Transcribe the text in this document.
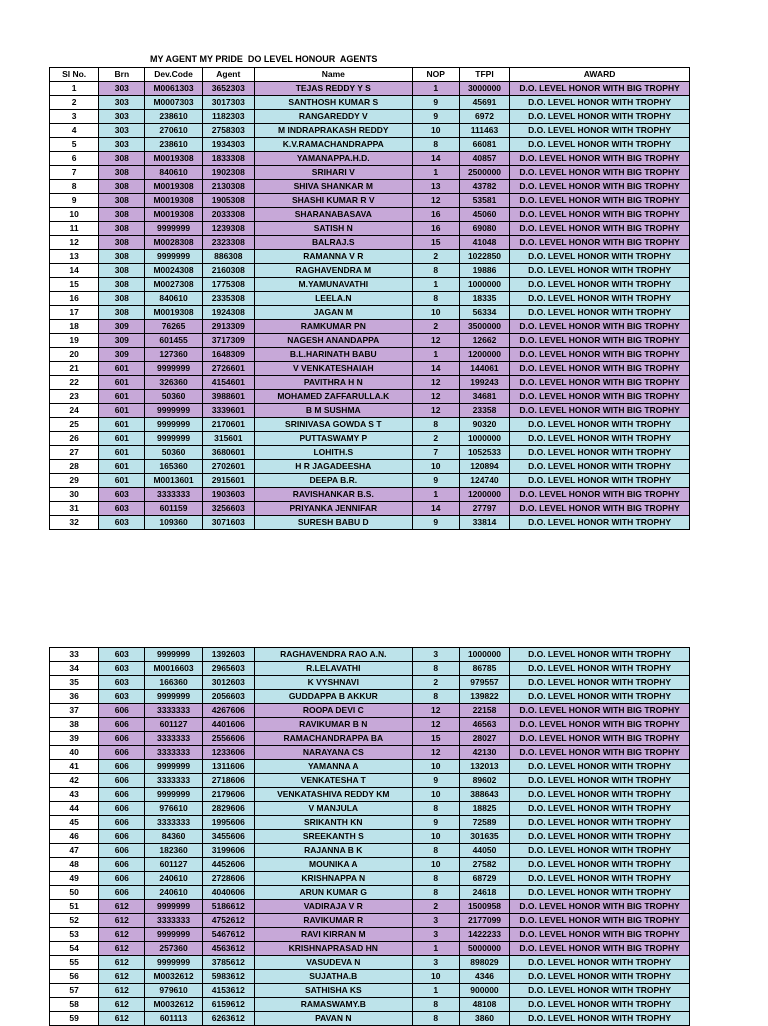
MY AGENT MY PRIDE  DO LEVEL HONOUR  AGENTS
Sl No.	Brn	Dev.Code	Agent	Name	NOP	TFPI	AWARD
1	303	M0061303	3652303	TEJAS REDDY Y S	1	3000000	D.O. LEVEL HONOR WITH BIG TROPHY
2	303	M0007303	3017303	SANTHOSH KUMAR S	9	45691	D.O. LEVEL HONOR WITH TROPHY
3	303	238610	1182303	RANGAREDDY V	9	6972	D.O. LEVEL HONOR WITH TROPHY
4	303	270610	2758303	M INDRAPRAKASH REDDY	10	111463	D.O. LEVEL HONOR WITH TROPHY
5	303	238610	1934303	K.V.RAMACHANDRAPPA	8	66081	D.O. LEVEL HONOR WITH TROPHY
6	308	M0019308	1833308	YAMANAPPA.H.D.	14	40857	D.O. LEVEL HONOR WITH BIG TROPHY
7	308	840610	1902308	SRIHARI V	1	2500000	D.O. LEVEL HONOR WITH BIG TROPHY
8	308	M0019308	2130308	SHIVA SHANKAR M	13	43782	D.O. LEVEL HONOR WITH BIG TROPHY
9	308	M0019308	1905308	SHASHI KUMAR R V	12	53581	D.O. LEVEL HONOR WITH BIG TROPHY
10	308	M0019308	2033308	SHARANABASAVA	16	45060	D.O. LEVEL HONOR WITH BIG TROPHY
11	308	9999999	1239308	SATISH N	16	69080	D.O. LEVEL HONOR WITH BIG TROPHY
12	308	M0028308	2323308	BALRAJ.S	15	41048	D.O. LEVEL HONOR WITH BIG TROPHY
13	308	9999999	886308	RAMANNA V R	2	1022850	D.O. LEVEL HONOR WITH TROPHY
14	308	M0024308	2160308	RAGHAVENDRA M	8	19886	D.O. LEVEL HONOR WITH TROPHY
15	308	M0027308	1775308	M.YAMUNAVATHI	1	1000000	D.O. LEVEL HONOR WITH TROPHY
16	308	840610	2335308	LEELA.N	8	18335	D.O. LEVEL HONOR WITH TROPHY
17	308	M0019308	1924308	JAGAN M	10	56334	D.O. LEVEL HONOR WITH TROPHY
18	309	76265	2913309	RAMKUMAR PN	2	3500000	D.O. LEVEL HONOR WITH BIG TROPHY
19	309	601455	3717309	NAGESH ANANDAPPA	12	12662	D.O. LEVEL HONOR WITH BIG TROPHY
20	309	127360	1648309	B.L.HARINATH BABU	1	1200000	D.O. LEVEL HONOR WITH BIG TROPHY
21	601	9999999	2726601	V VENKATESHAIAH	14	144061	D.O. LEVEL HONOR WITH BIG TROPHY
22	601	326360	4154601	PAVITHRA H N	12	199243	D.O. LEVEL HONOR WITH BIG TROPHY
23	601	50360	3988601	MOHAMED ZAFFARULLA.K	12	34681	D.O. LEVEL HONOR WITH BIG TROPHY
24	601	9999999	3339601	B M SUSHMA	12	23358	D.O. LEVEL HONOR WITH BIG TROPHY
25	601	9999999	2170601	SRINIVASA GOWDA S T	8	90320	D.O. LEVEL HONOR WITH TROPHY
26	601	9999999	315601	PUTTASWAMY P	2	1000000	D.O. LEVEL HONOR WITH TROPHY
27	601	50360	3680601	LOHITH.S	7	1052533	D.O. LEVEL HONOR WITH TROPHY
28	601	165360	2702601	H R JAGADEESHA	10	120894	D.O. LEVEL HONOR WITH TROPHY
29	601	M0013601	2915601	DEEPA B.R.	9	124740	D.O. LEVEL HONOR WITH TROPHY
30	603	3333333	1903603	RAVISHANKAR B.S.	1	1200000	D.O. LEVEL HONOR WITH BIG TROPHY
31	603	601159	3256603	PRIYANKA JENNIFAR	14	27797	D.O. LEVEL HONOR WITH BIG TROPHY
32	603	109360	3071603	SURESH BABU D	9	33814	D.O. LEVEL HONOR WITH TROPHY
33	603	9999999	1392603	RAGHAVENDRA RAO A.N.	3	1000000	D.O. LEVEL HONOR WITH TROPHY
34	603	M0016603	2965603	R.LELAVATHI	8	86785	D.O. LEVEL HONOR WITH TROPHY
35	603	166360	3012603	K VYSHNAVI	2	979557	D.O. LEVEL HONOR WITH TROPHY
36	603	9999999	2056603	GUDDAPPA B AKKUR	8	139822	D.O. LEVEL HONOR WITH TROPHY
37	606	3333333	4267606	ROOPA DEVI C	12	22158	D.O. LEVEL HONOR WITH BIG TROPHY
38	606	601127	4401606	RAVIKUMAR B N	12	46563	D.O. LEVEL HONOR WITH BIG TROPHY
39	606	3333333	2556606	RAMACHANDRAPPA BA	15	28027	D.O. LEVEL HONOR WITH BIG TROPHY
40	606	3333333	1233606	NARAYANA CS	12	42130	D.O. LEVEL HONOR WITH BIG TROPHY
41	606	9999999	1311606	YAMANNA A	10	132013	D.O. LEVEL HONOR WITH TROPHY
42	606	3333333	2718606	VENKATESHA T	9	89602	D.O. LEVEL HONOR WITH TROPHY
43	606	9999999	2179606	VENKATASHIVA REDDY KM	10	388643	D.O. LEVEL HONOR WITH TROPHY
44	606	976610	2829606	V MANJULA	8	18825	D.O. LEVEL HONOR WITH TROPHY
45	606	3333333	1995606	SRIKANTH KN	9	72589	D.O. LEVEL HONOR WITH TROPHY
46	606	84360	3455606	SREEKANTH S	10	301635	D.O. LEVEL HONOR WITH TROPHY
47	606	182360	3199606	RAJANNA B K	8	44050	D.O. LEVEL HONOR WITH TROPHY
48	606	601127	4452606	MOUNIKA A	10	27582	D.O. LEVEL HONOR WITH TROPHY
49	606	240610	2728606	KRISHNAPPA N	8	68729	D.O. LEVEL HONOR WITH TROPHY
50	606	240610	4040606	ARUN KUMAR G	8	24618	D.O. LEVEL HONOR WITH TROPHY
51	612	9999999	5186612	VADIRAJA V R	2	1500958	D.O. LEVEL HONOR WITH BIG TROPHY
52	612	3333333	4752612	RAVIKUMAR R	3	2177099	D.O. LEVEL HONOR WITH BIG TROPHY
53	612	9999999	5467612	RAVI KIRRAN M	3	1422233	D.O. LEVEL HONOR WITH BIG TROPHY
54	612	257360	4563612	KRISHNAPRASAD HN	1	5000000	D.O. LEVEL HONOR WITH BIG TROPHY
55	612	9999999	3785612	VASUDEVA N	3	898029	D.O. LEVEL HONOR WITH TROPHY
56	612	M0032612	5983612	SUJATHA.B	10	4346	D.O. LEVEL HONOR WITH TROPHY
57	612	979610	4153612	SATHISHA KS	1	900000	D.O. LEVEL HONOR WITH TROPHY
58	612	M0032612	6159612	RAMASWAMY.B	8	48108	D.O. LEVEL HONOR WITH TROPHY
59	612	601113	6263612	PAVAN N	8	3860	D.O. LEVEL HONOR WITH TROPHY
